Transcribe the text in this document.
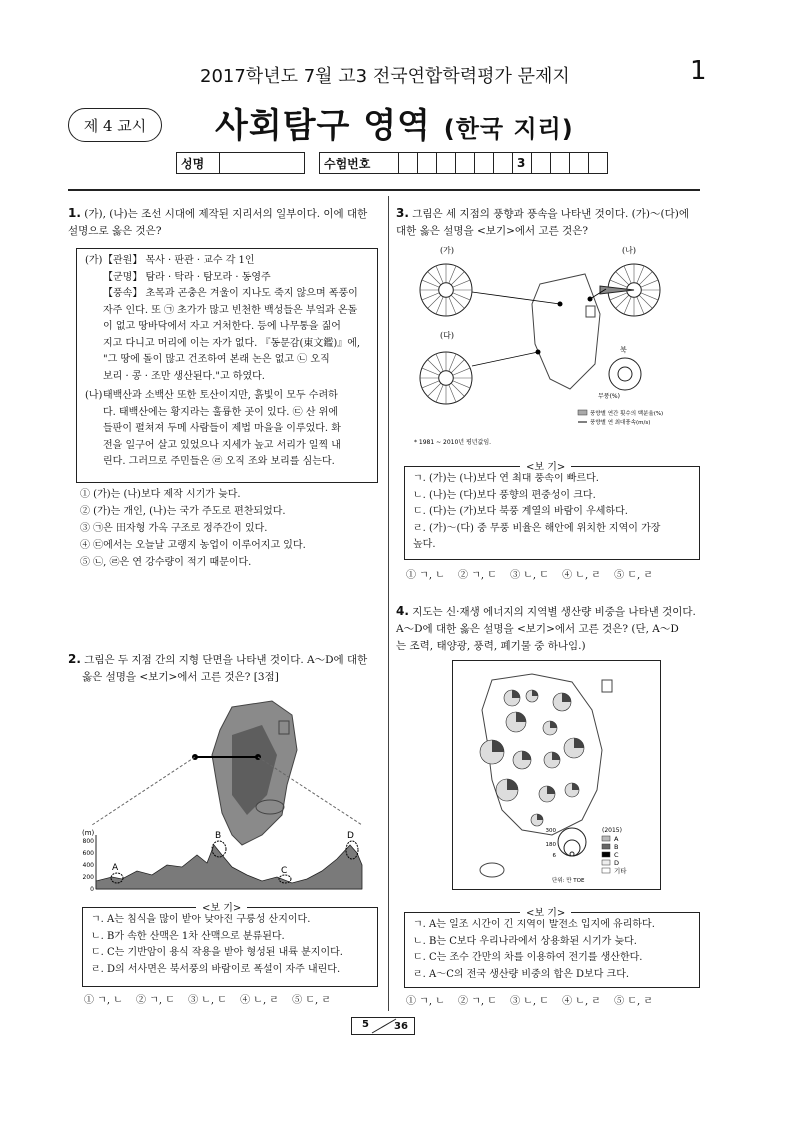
2017학년도 7월 고3 전국연합학력평가 문제지	1
제 4 교시	사회탐구 영역 (한국 지리)
성명			수험번호							3				
1. (가), (나)는 조선 시대에 제작된 지리서의 일부이다. 이에 대한 설명으로 옳은 것은?
(가) 【관원】 목사 · 판관 · 교수 각 1인
【군명】 탐라 · 탁라 · 탐모라 · 동영주
【풍속】 초목과 곤충은 겨울이 지나도 죽지 않으며 폭풍이
자주 인다. 또 ㉠ 초가가 많고 빈천한 백성들은 부엌과 온돌
이 없고 땅바닥에서 자고 거처한다. 등에 나무통을 짊어
지고 다니고 머리에 이는 자가 없다. 『동문감(東文鑑)』에,
"그 땅에 돌이 많고 건조하여 본래 논은 없고 ㉡ 오직
보리 · 콩 · 조만 생산된다."고 하였다.
(나) 태백산과 소백산 또한 토산이지만, 흙빛이 모두 수려하
다. 태백산에는 황지라는 훌륭한 곳이 있다. ㉢ 산 위에
들판이 펼쳐져 두메 사람들이 제법 마을을 이루었다. 화
전을 일구어 살고 있었으나 지세가 높고 서리가 일찍 내
린다. 그러므로 주민들은 ㉣ 오직 조와 보리를 심는다.
① (가)는 (나)보다 제작 시기가 늦다.
② (가)는 개인, (나)는 국가 주도로 편찬되었다.
③ ㉠은 田자형 가옥 구조로 정주간이 있다.
④ ㉢에서는 오늘날 고랭지 농업이 이루어지고 있다.
⑤ ㉡, ㉣은 연 강수량이 적기 때문이다.
2. 그림은 두 지점 간의 지형 단면을 나타낸 것이다. A～D에 대한
옳은 설명을 <보기>에서 고른 것은? [3점]
(m)
800
600
400
200
0
A
B
C
D
ㄱ. A는 침식을 많이 받아 낮아진 구릉성 산지이다.
ㄴ. B가 속한 산맥은 1차 산맥으로 분류된다.
ㄷ. C는 기반암이 용식 작용을 받아 형성된 내륙 분지이다.
ㄹ. D의 서사면은 북서풍의 바람이로 폭설이 자주 내린다.
<보 기>
① ㄱ, ㄴ　 ② ㄱ, ㄷ　 ③ ㄴ, ㄷ　 ④ ㄴ, ㄹ　 ⑤ ㄷ, ㄹ
3. 그림은 세 지점의 풍향과 풍속을 나타낸 것이다. (가)～(다)에
대한 옳은 설명을 <보기>에서 고른 것은?
(가)	(나)
(다)
북
무풍(%)
풍향별 연간 횟수의 백분율(%)
풍향별 연 최대풍속(m/s)
* 1981 ~ 2010년 평년값임.
ㄱ. (가)는 (나)보다 연 최대 풍속이 빠르다.
ㄴ. (나)는 (다)보다 풍향의 편중성이 크다.
ㄷ. (다)는 (가)보다 북풍 계열의 바람이 우세하다.
ㄹ. (가)～(다) 중 무풍 비율은 해안에 위치한 지역이 가장
높다.
<보 기>
① ㄱ, ㄴ　 ② ㄱ, ㄷ　 ③ ㄴ, ㄷ　 ④ ㄴ, ㄹ　 ⑤ ㄷ, ㄹ
4. 지도는 신·재생 에너지의 지역별 생산량 비중을 나타낸 것이다.
A～D에 대한 옳은 설명을 <보기>에서 고른 것은? (단, A～D
는 조력, 태양광, 풍력, 폐기물 중 하나임.)
(2015)
A
B
C
D
기타
300
180
6
단위: 만 TOE
ㄱ. A는 일조 시간이 긴 지역이 발전소 입지에 유리하다.
ㄴ. B는 C보다 우리나라에서 상용화된 시기가 늦다.
ㄷ. C는 조수 간만의 차를 이용하여 전기를 생산한다.
ㄹ. A～C의 전국 생산량 비중의 합은 D보다 크다.
<보 기>
① ㄱ, ㄴ　 ② ㄱ, ㄷ　 ③ ㄴ, ㄷ　 ④ ㄴ, ㄹ　 ⑤ ㄷ, ㄹ
5	36
